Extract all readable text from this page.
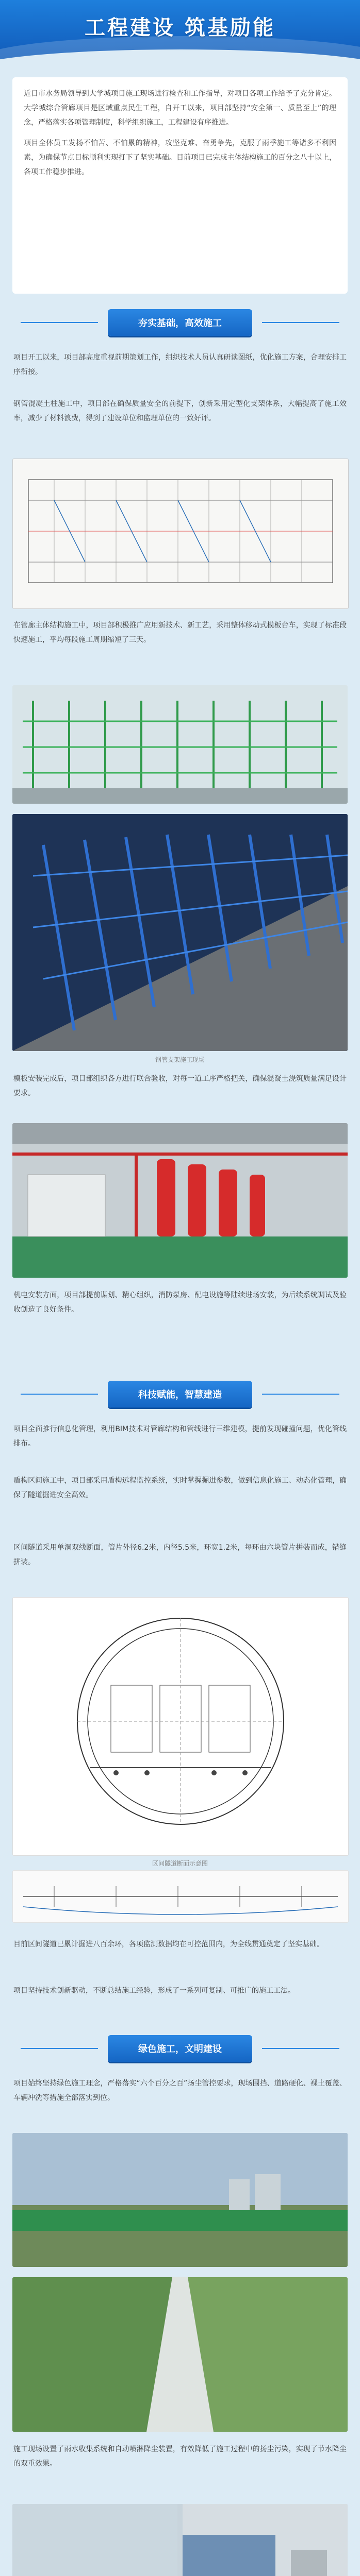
工程建设 筑基励能

近日市水务局领导到大学城项目施工现场进行检查和工作指导，对项目各项工作给予了充分肯定。大学城综合管廊项目是区域重点民生工程，自开工以来，项目部坚持“安全第一、质量至上”的理念，严格落实各项管理制度，科学组织施工，工程建设有序推进。

项目全体员工发扬不怕苦、不怕累的精神，攻坚克难、奋勇争先，克服了雨季施工等诸多不利因素，为确保节点目标顺利实现打下了坚实基础。目前项目已完成主体结构施工的百分之八十以上，各项工作稳步推进。

夯实基础，高效施工

项目开工以来，项目部高度重视前期策划工作，组织技术人员认真研读图纸，优化施工方案，合理安排工序衔接。

钢管混凝土柱施工中，项目部在确保质量安全的前提下，创新采用定型化支架体系，大幅提高了施工效率，减少了材料浪费，得到了建设单位和监理单位的一致好评。

在管廊主体结构施工中，项目部积极推广应用新技术、新工艺，采用整体移动式模板台车，实现了标准段快速施工，平均每段施工周期缩短了三天。

钢管支架施工现场

模板安装完成后，项目部组织各方进行联合验收，对每一道工序严格把关，确保混凝土浇筑质量满足设计要求。

机电安装方面，项目部提前谋划、精心组织，消防泵房、配电设施等陆续进场安装，为后续系统调试及验收创造了良好条件。

科技赋能，智慧建造

项目全面推行信息化管理，利用BIM技术对管廊结构和管线进行三维建模，提前发现碰撞问题，优化管线排布。

盾构区间施工中，项目部采用盾构远程监控系统，实时掌握掘进参数，做到信息化施工、动态化管理，确保了隧道掘进安全高效。

区间隧道采用单洞双线断面，管片外径6.2米，内径5.5米，环宽1.2米，每环由六块管片拼装而成，错缝拼装。

区间隧道断面示意图

目前区间隧道已累计掘进八百余环，各项监测数据均在可控范围内，为全线贯通奠定了坚实基础。

项目坚持技术创新驱动，不断总结施工经验，形成了一系列可复制、可推广的施工工法。

绿色施工，文明建设

项目始终坚持绿色施工理念，严格落实“六个百分之百”扬尘管控要求，现场围挡、道路硬化、裸土覆盖、车辆冲洗等措施全部落实到位。

施工现场设置了雨水收集系统和自动喷淋降尘装置，有效降低了施工过程中的扬尘污染，实现了节水降尘的双重效果。
